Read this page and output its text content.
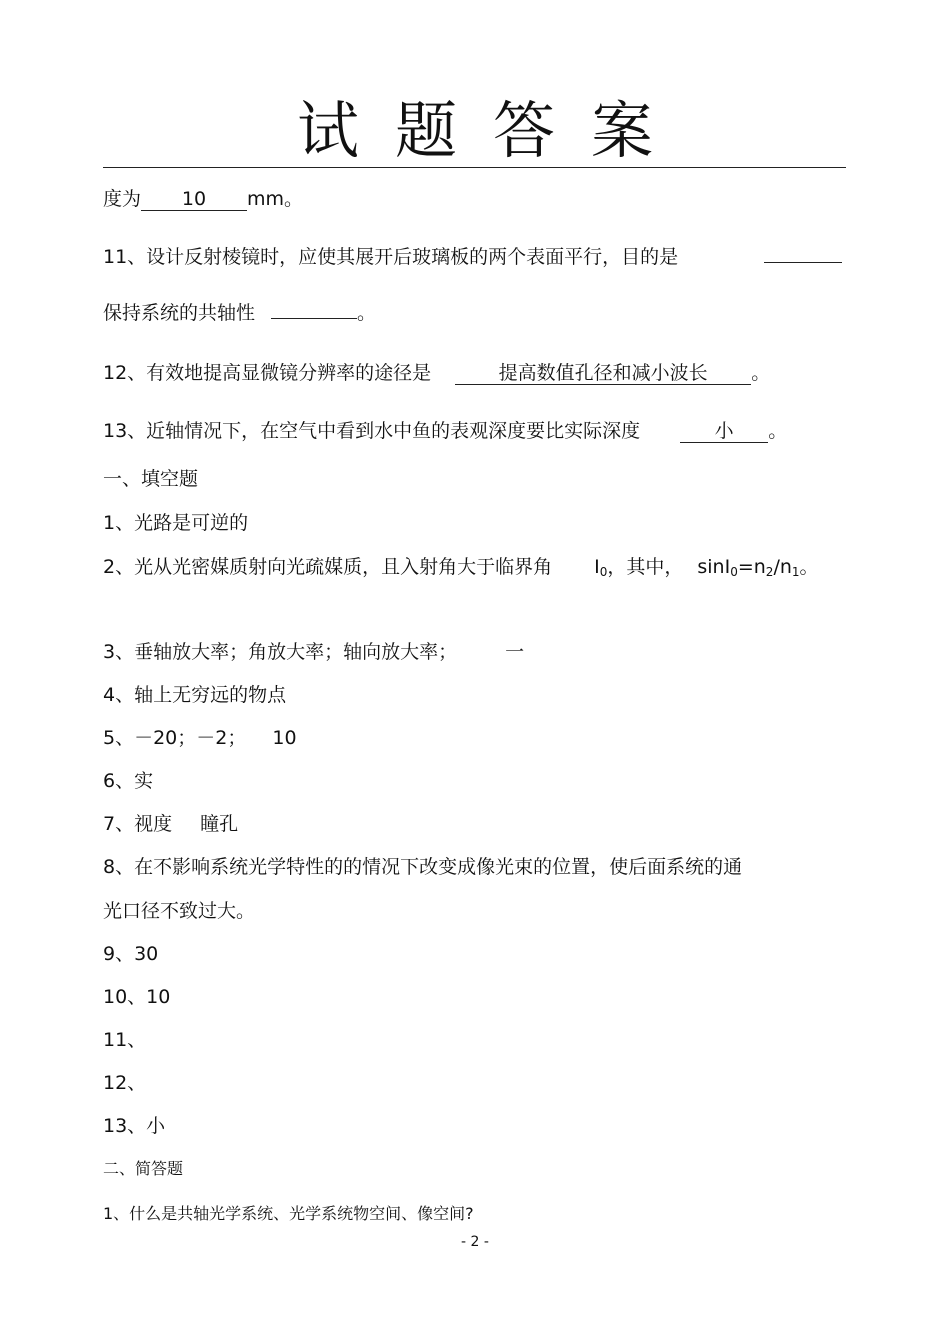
试题答案
度为 10 mm。
11、设计反射棱镜时，应使其展开后玻璃板的两个表面平行，目的是
保持系统的共轴性	。
12、有效地提高显微镜分辨率的途径是	提高数值孔径和减小波长 。
13、近轴情况下，在空气中看到水中鱼的表观深度要比实际深度	小 。
一、填空题
1、光路是可逆的
2、光从光密媒质射向光疏媒质，且入射角大于临界角 $I_0$，其中， $\sin I_0=n_2/n_1$。
3、垂轴放大率；角放大率；轴向放大率；	一
4、轴上无穷远的物点
5、－20；－2； 10
6、实
7、视度 瞳孔
8、在不影响系统光学特性的的情况下改变成像光束的位置，使后面系统的通
光口径不致过大。
9、30
10、10
11、
12、
13、小
二、简答题
1、什么是共轴光学系统、光学系统物空间、像空间?
- 2 -
